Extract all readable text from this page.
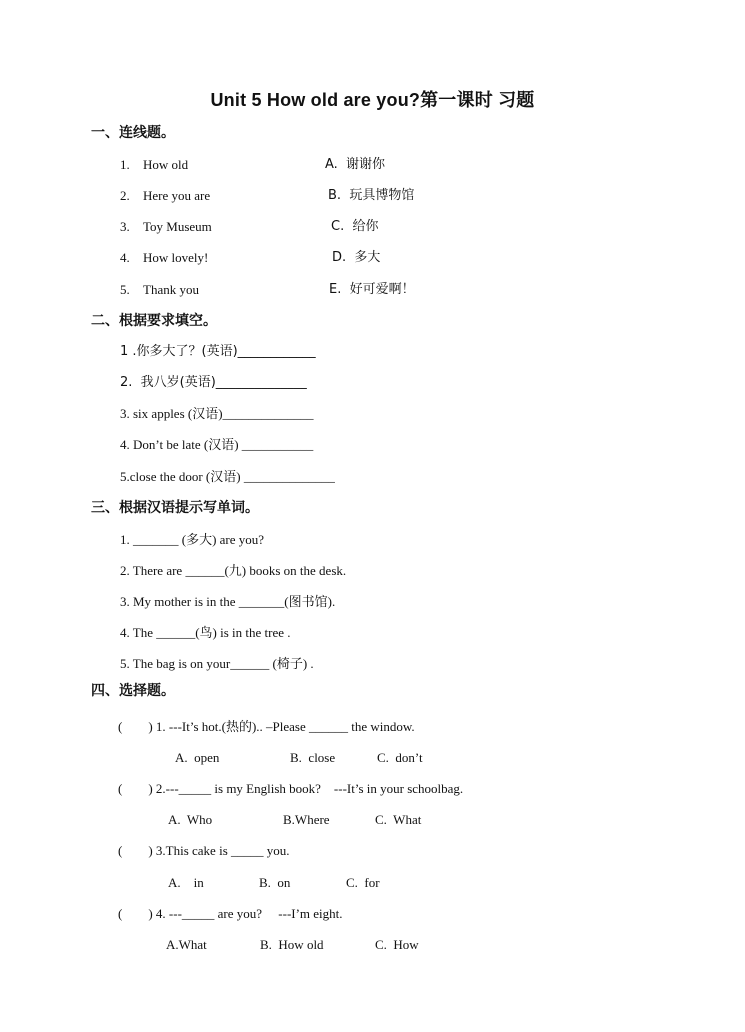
Unit 5 How old are you?第一课时 习题
一、连线题。
1. How old	A.  谢谢你
2. Here you are	B.  玩具博物馆
3. Toy Museum	C.  给你
4. How lovely!	D.  多大
5. Thank you	E.  好可爱啊！
二、根据要求填空。
1 .你多大了？(英语)____________
2.  我八岁(英语)______________
3. six apples (汉语)______________
4. Don’t be late (汉语) ___________
5.close the door (汉语) ______________
三、根据汉语提示写单词。
1. _______ (多大) are you?
2. There are ______(九) books on the desk.
3. My mother is in the _______(图书馆).
4. The ______(鸟) is in the tree .
5. The bag is on your______ (椅子) .
四、选择题。
(        ) 1. ---It’s hot.(热的).. –Please ______ the window.
A.  open	B.  close	C.  don’t
(        ) 2.---_____ is my English book?    ---It’s in your schoolbag.
A.  Who	B.Where	C.  What
(        ) 3.This cake is _____ you.
A.    in	B.  on	C.  for
(        ) 4. ---_____ are you?     ---I’m eight.
A.What	B.  How old	C.  How
